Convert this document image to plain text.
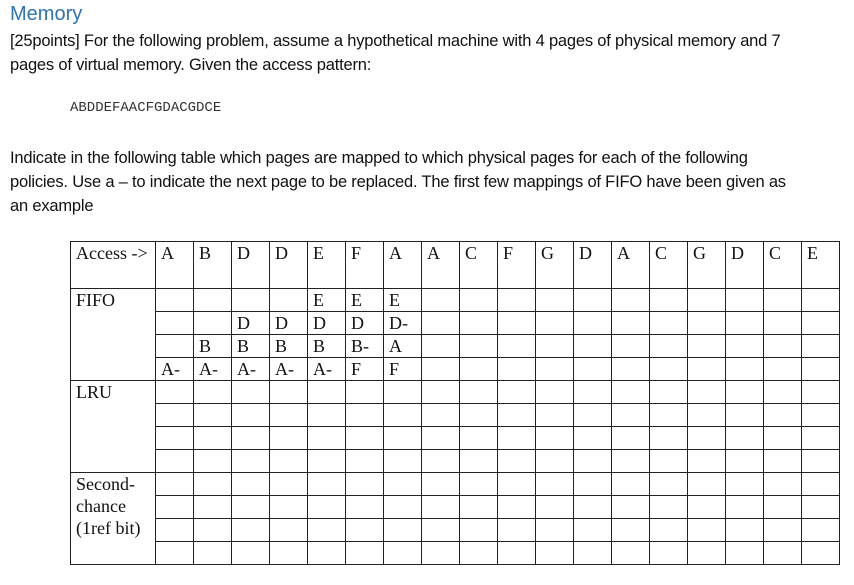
Memory
[25points] For the following problem, assume a hypothetical machine with 4 pages of physical memory and 7 pages of virtual memory. Given the access pattern:
ABDDEFAACFGDACGDCE
Indicate in the following table which pages are mapped to which physical pages for each of the following policies. Use a – to indicate the next page to be replaced. The first few mappings of FIFO have been given as an example
Access ->	A	B	D	D	E	F	A	A	C	F	G	D	A	C	G	D	C	E
FIFO					E	E	E											
			D	D	D	D	D-											
		B	B	B	B	B-	A											
	A-	A-	A-	A-	A-	F	F											
LRU																		

Second-chance (1ref bit)																		
